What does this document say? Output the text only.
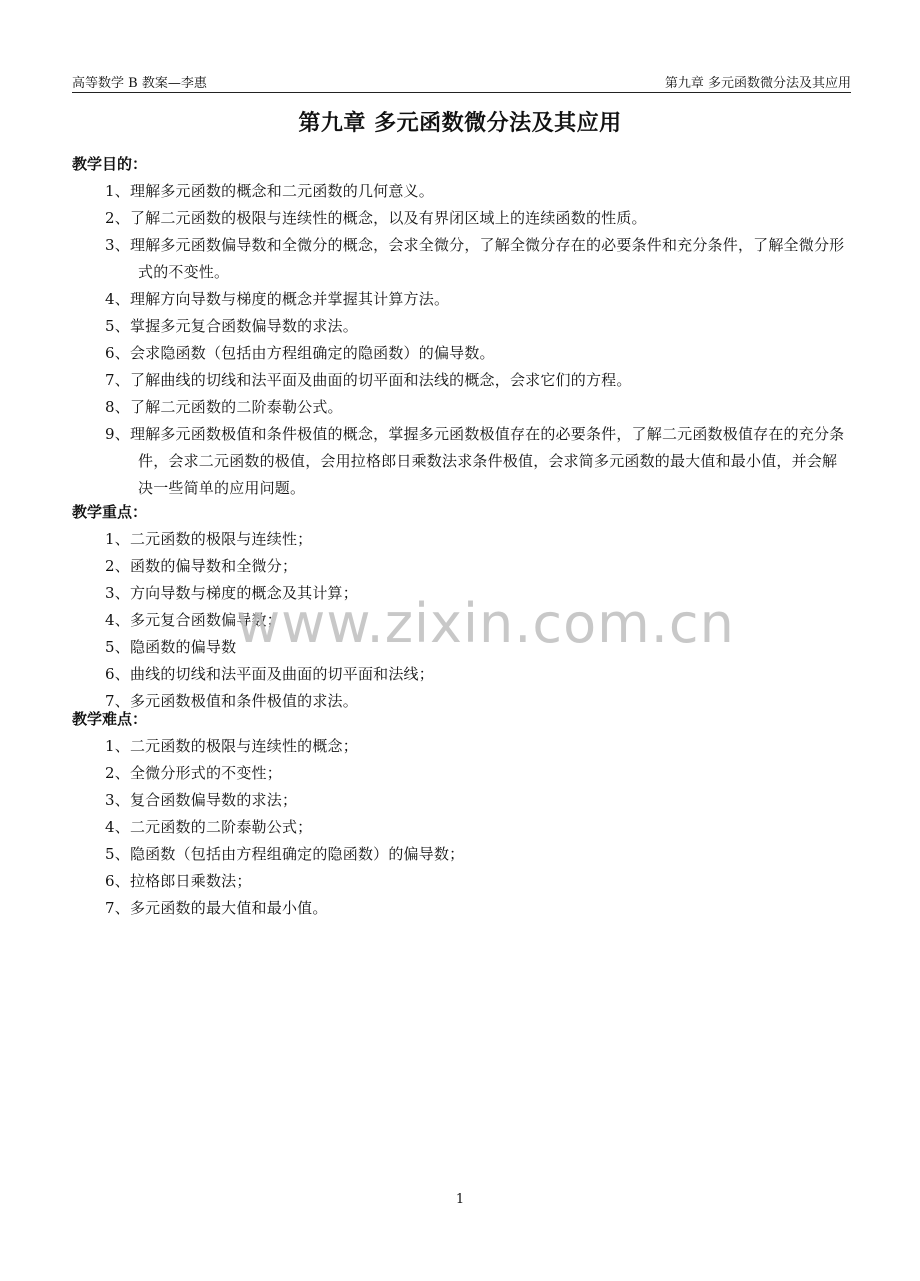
高等数学 B 教案—李惠	第九章 多元函数微分法及其应用
第九章 多元函数微分法及其应用
教学目的：
1、理解多元函数的概念和二元函数的几何意义。
2、了解二元函数的极限与连续性的概念，以及有界闭区域上的连续函数的性质。
3、理解多元函数偏导数和全微分的概念，会求全微分，了解全微分存在的必要条件和充分条件，了解全微分形式的不变性。
4、理解方向导数与梯度的概念并掌握其计算方法。
5、掌握多元复合函数偏导数的求法。
6、会求隐函数（包括由方程组确定的隐函数）的偏导数。
7、了解曲线的切线和法平面及曲面的切平面和法线的概念，会求它们的方程。
8、了解二元函数的二阶泰勒公式。
9、理解多元函数极值和条件极值的概念，掌握多元函数极值存在的必要条件，了解二元函数极值存在的充分条件，会求二元函数的极值，会用拉格郎日乘数法求条件极值，会求简多元函数的最大值和最小值，并会解决一些简单的应用问题。
教学重点：
1、二元函数的极限与连续性；
2、函数的偏导数和全微分；
3、方向导数与梯度的概念及其计算；
4、多元复合函数偏导数；
5、隐函数的偏导数
6、曲线的切线和法平面及曲面的切平面和法线；
7、多元函数极值和条件极值的求法。
教学难点：
1、二元函数的极限与连续性的概念；
2、全微分形式的不变性；
3、复合函数偏导数的求法；
4、二元函数的二阶泰勒公式；
5、隐函数（包括由方程组确定的隐函数）的偏导数；
6、拉格郎日乘数法；
7、多元函数的最大值和最小值。
www.zixin.com.cn
1
